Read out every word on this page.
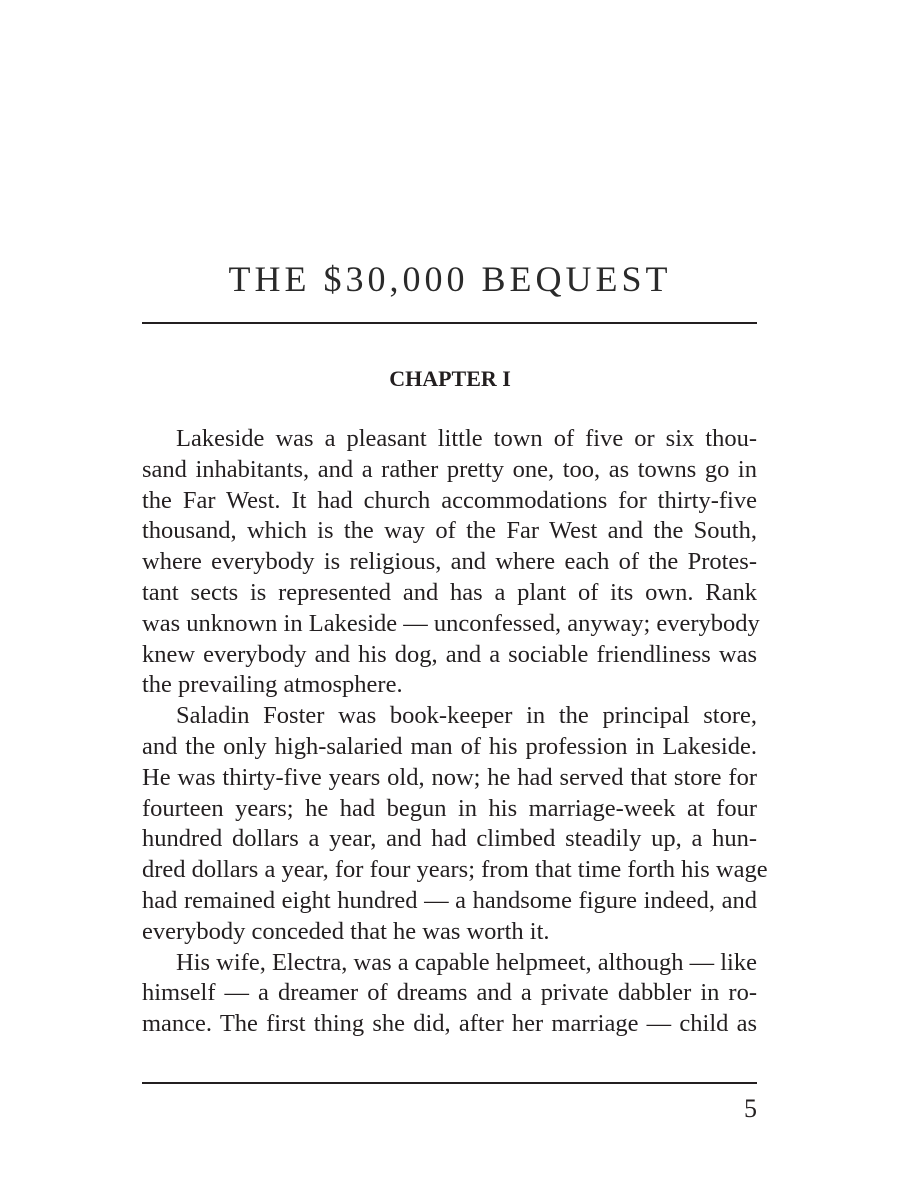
THE $30,000 BEQUEST
CHAPTER I
Lakeside was a pleasant little town of five or six thou-
sand inhabitants, and a rather pretty one, too, as towns go in
the Far West. It had church accommodations for thirty-five
thousand, which is the way of the Far West and the South,
where everybody is religious, and where each of the Protes-
tant sects is represented and has a plant of its own. Rank
was unknown in Lakeside — unconfessed, anyway; everybody
knew everybody and his dog, and a sociable friendliness was
the prevailing atmosphere.
Saladin Foster was book-keeper in the principal store,
and the only high-salaried man of his profession in Lakeside.
He was thirty-five years old, now; he had served that store for
fourteen years; he had begun in his marriage-week at four
hundred dollars a year, and had climbed steadily up, a hun-
dred dollars a year, for four years; from that time forth his wage
had remained eight hundred — a handsome figure indeed, and
everybody conceded that he was worth it.
His wife, Electra, was a capable helpmeet, although — like
himself — a dreamer of dreams and a private dabbler in ro-
mance. The first thing she did, after her marriage — child as
5
